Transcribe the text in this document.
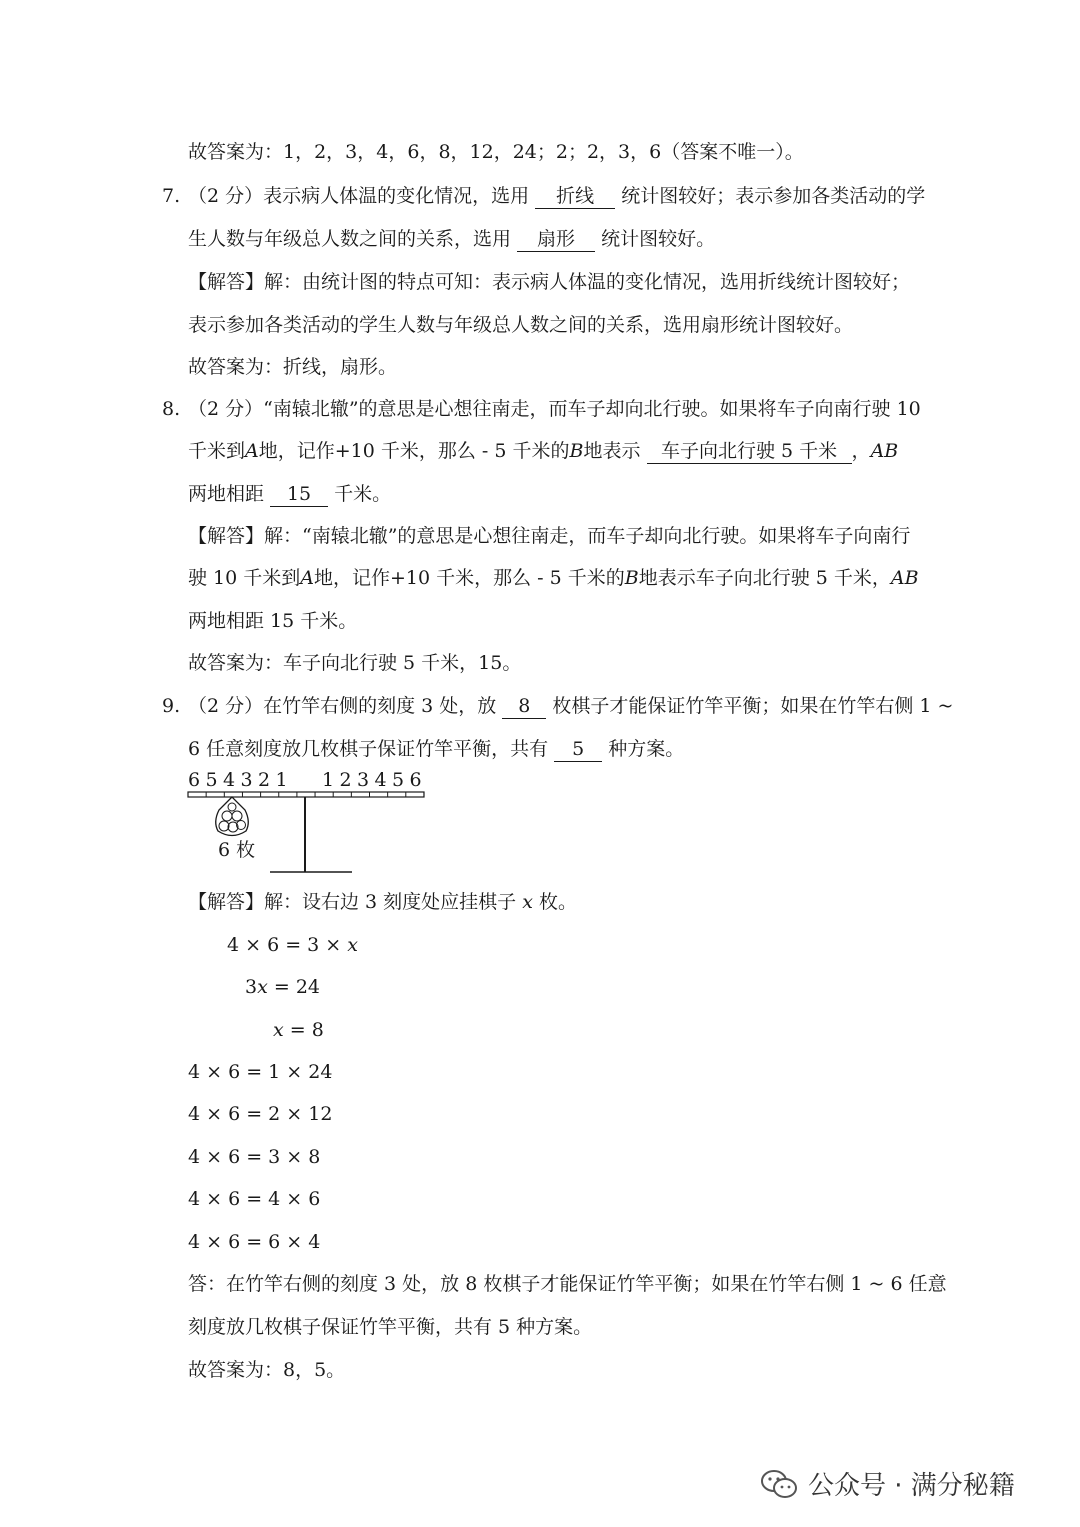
故答案为：1，2，3，4，6，8，12，24；2；2，3，6（答案不唯一）。
7. （2 分）表示病人体温的变化情况，选用 折线 统计图较好；表示参加各类活动的学
生人数与年级总人数之间的关系，选用 扇形 统计图较好。
【解答】解：由统计图的特点可知：表示病人体温的变化情况，选用折线统计图较好；
表示参加各类活动的学生人数与年级总人数之间的关系，选用扇形统计图较好。
故答案为：折线，扇形。
8. （2 分）“南辕北辙”的意思是心想往南走，而车子却向北行驶。如果将车子向南行驶 10
千米到A地，记作+10 千米，那么 - 5 千米的B地表示 车子向北行驶 5 千米 ，AB
两地相距 15 千米。
【解答】解：“南辕北辙”的意思是心想往南走，而车子却向北行驶。如果将车子向南行
驶 10 千米到A地，记作+10 千米，那么 - 5 千米的B地表示车子向北行驶 5 千米，AB
两地相距 15 千米。
故答案为：车子向北行驶 5 千米，15。
9. （2 分）在竹竿右侧的刻度 3 处，放 8 枚棋子才能保证竹竿平衡；如果在竹竿右侧 1 ~
6 任意刻度放几枚棋子保证竹竿平衡，共有 5 种方案。
6 5 4 3 2 1 1 2 3 4 5 6
6 枚
【解答】解：设右边 3 刻度处应挂棋子 x 枚。
4 × 6 = 3 × x
3x = 24
x = 8
4 × 6 = 1 × 24
4 × 6 = 2 × 12
4 × 6 = 3 × 8
4 × 6 = 4 × 6
4 × 6 = 6 × 4
答：在竹竿右侧的刻度 3 处，放 8 枚棋子才能保证竹竿平衡；如果在竹竿右侧 1 ~ 6 任意
刻度放几枚棋子保证竹竿平衡，共有 5 种方案。
故答案为：8，5。
公众号 · 满分秘籍
